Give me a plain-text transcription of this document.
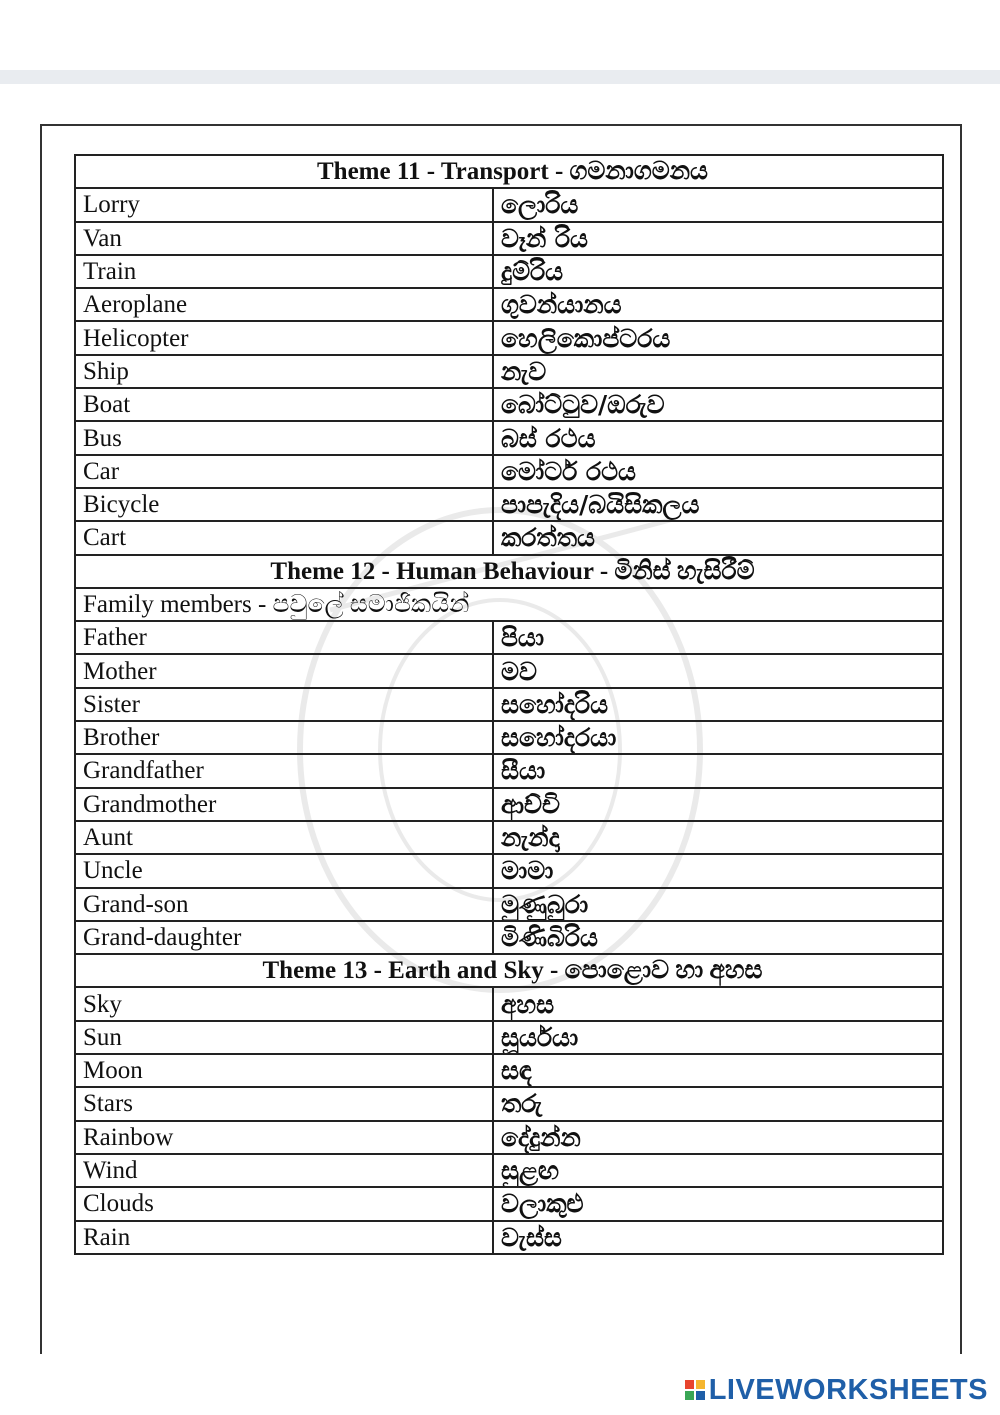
Theme 11 - Transport - ගමනාගමනය	
Lorry	ලොරිය
Van	වෑන් රිය
Train	දුම්රිය
Aeroplane	ගුවන්යානය
Helicopter	හෙලිකොප්ටරය
Ship	නැව
Boat	බෝට්ටුව/ඔරුව
Bus	බස් රථය
Car	මෝටර් රථය
Bicycle	පාපැදිය/බයිසිකලය
Cart	කරත්තය
Theme 12 - Human Behaviour - මිනිස් හැසිරීම්	
Family members - පවුලේ සමාජිකයින්	
Father	පියා
Mother	මව
Sister	සහෝදරිය
Brother	සහෝදරයා
Grandfather	සීයා
Grandmother	ආච්චි
Aunt	නැන්දා
Uncle	මාමා
Grand-son	මුණුබුරා
Grand-daughter	මිණිබිරිය
Theme 13 - Earth and Sky - පොළොව හා අහස	
Sky	අහස
Sun	සූර්යයා
Moon	සඳ
Stars	තරු
Rainbow	දේදුන්න
Wind	සුළඟ
Clouds	වලාකුළු
Rain	වැස්ස
LIVEWORKSHEETS
